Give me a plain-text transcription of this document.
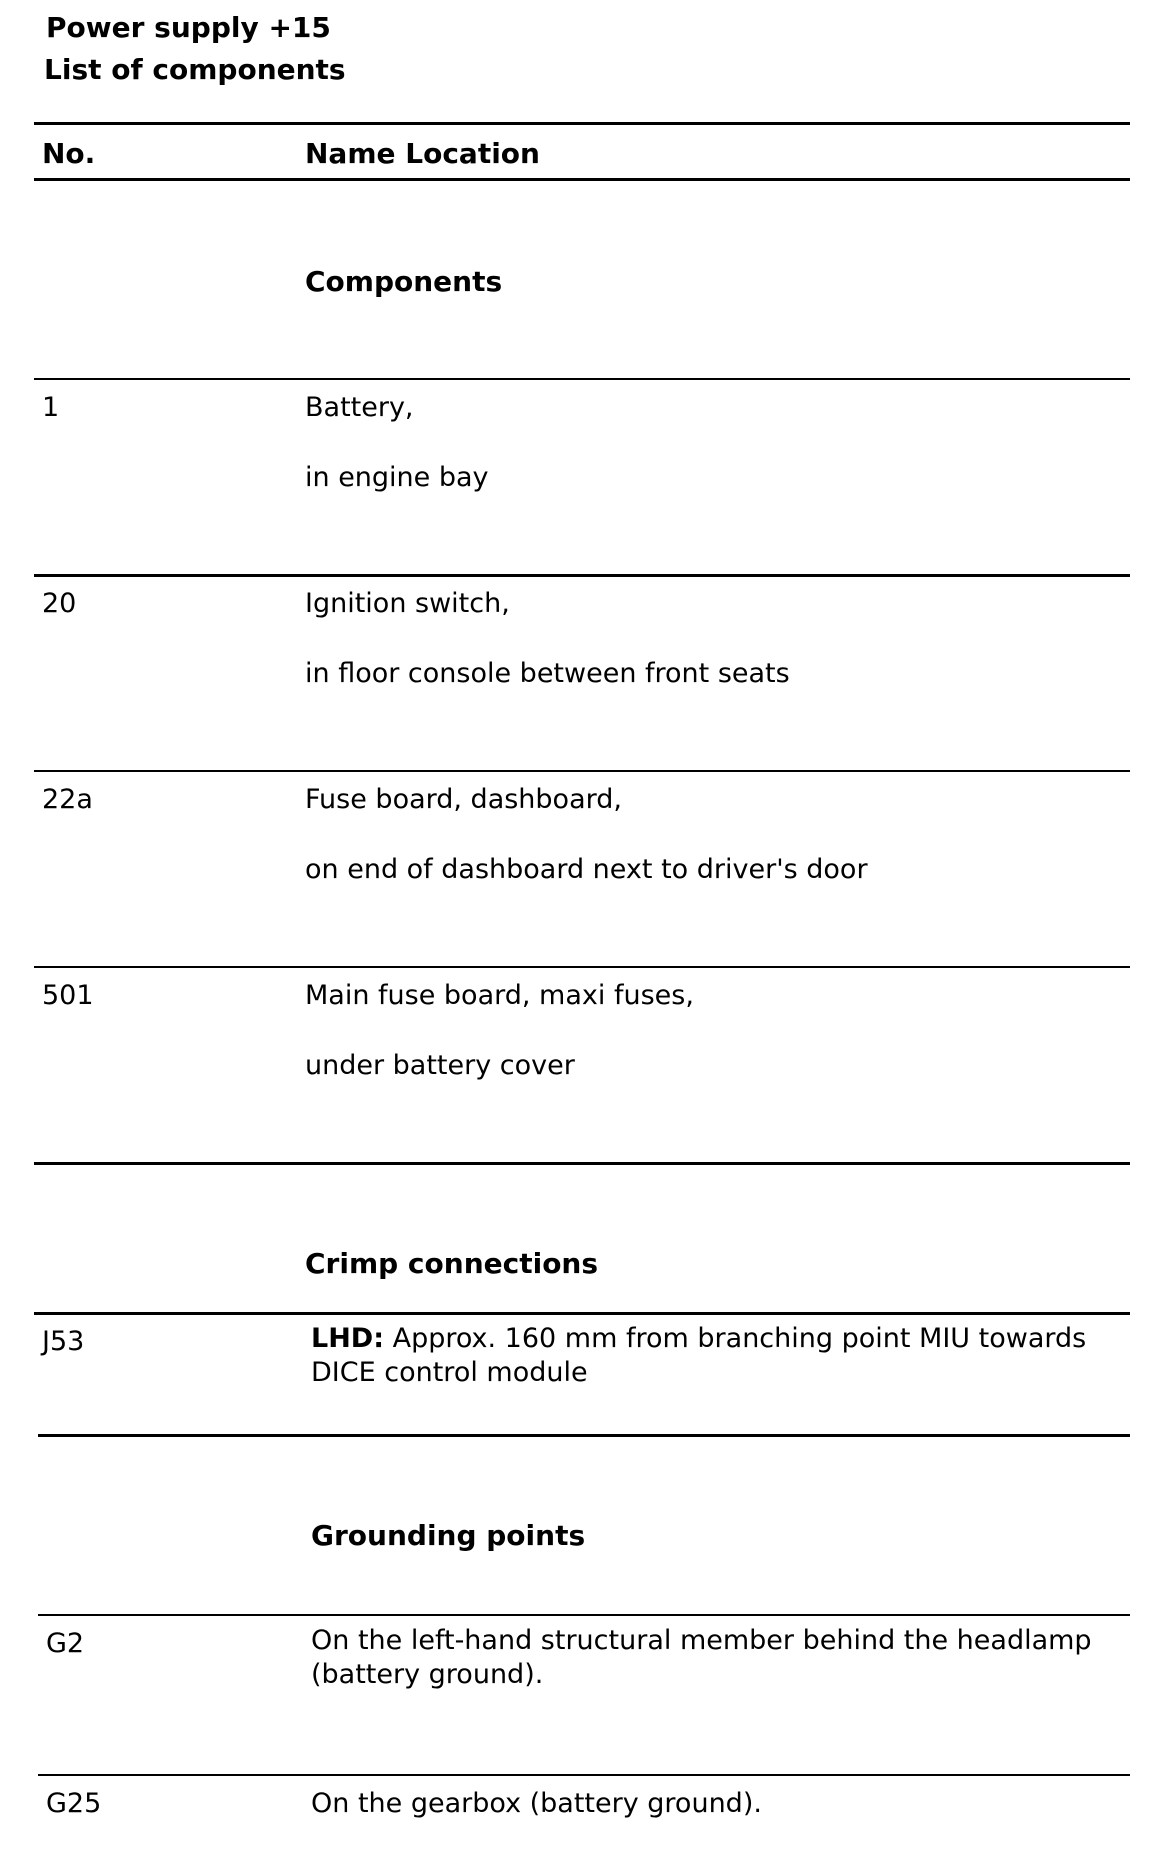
Power supply +15
List of components
No.	Name Location
Components
1	Battery,
in engine bay
20	Ignition switch,
in floor console between front seats
22a	Fuse board, dashboard,
on end of dashboard next to driver's door
501	Main fuse board, maxi fuses,
under battery cover
Crimp connections
J53	LHD: Approx. 160 mm from branching point MIU towards DICE control module
Grounding points
G2	On the left-hand structural member behind the headlamp (battery ground).
G25	On the gearbox (battery ground).
